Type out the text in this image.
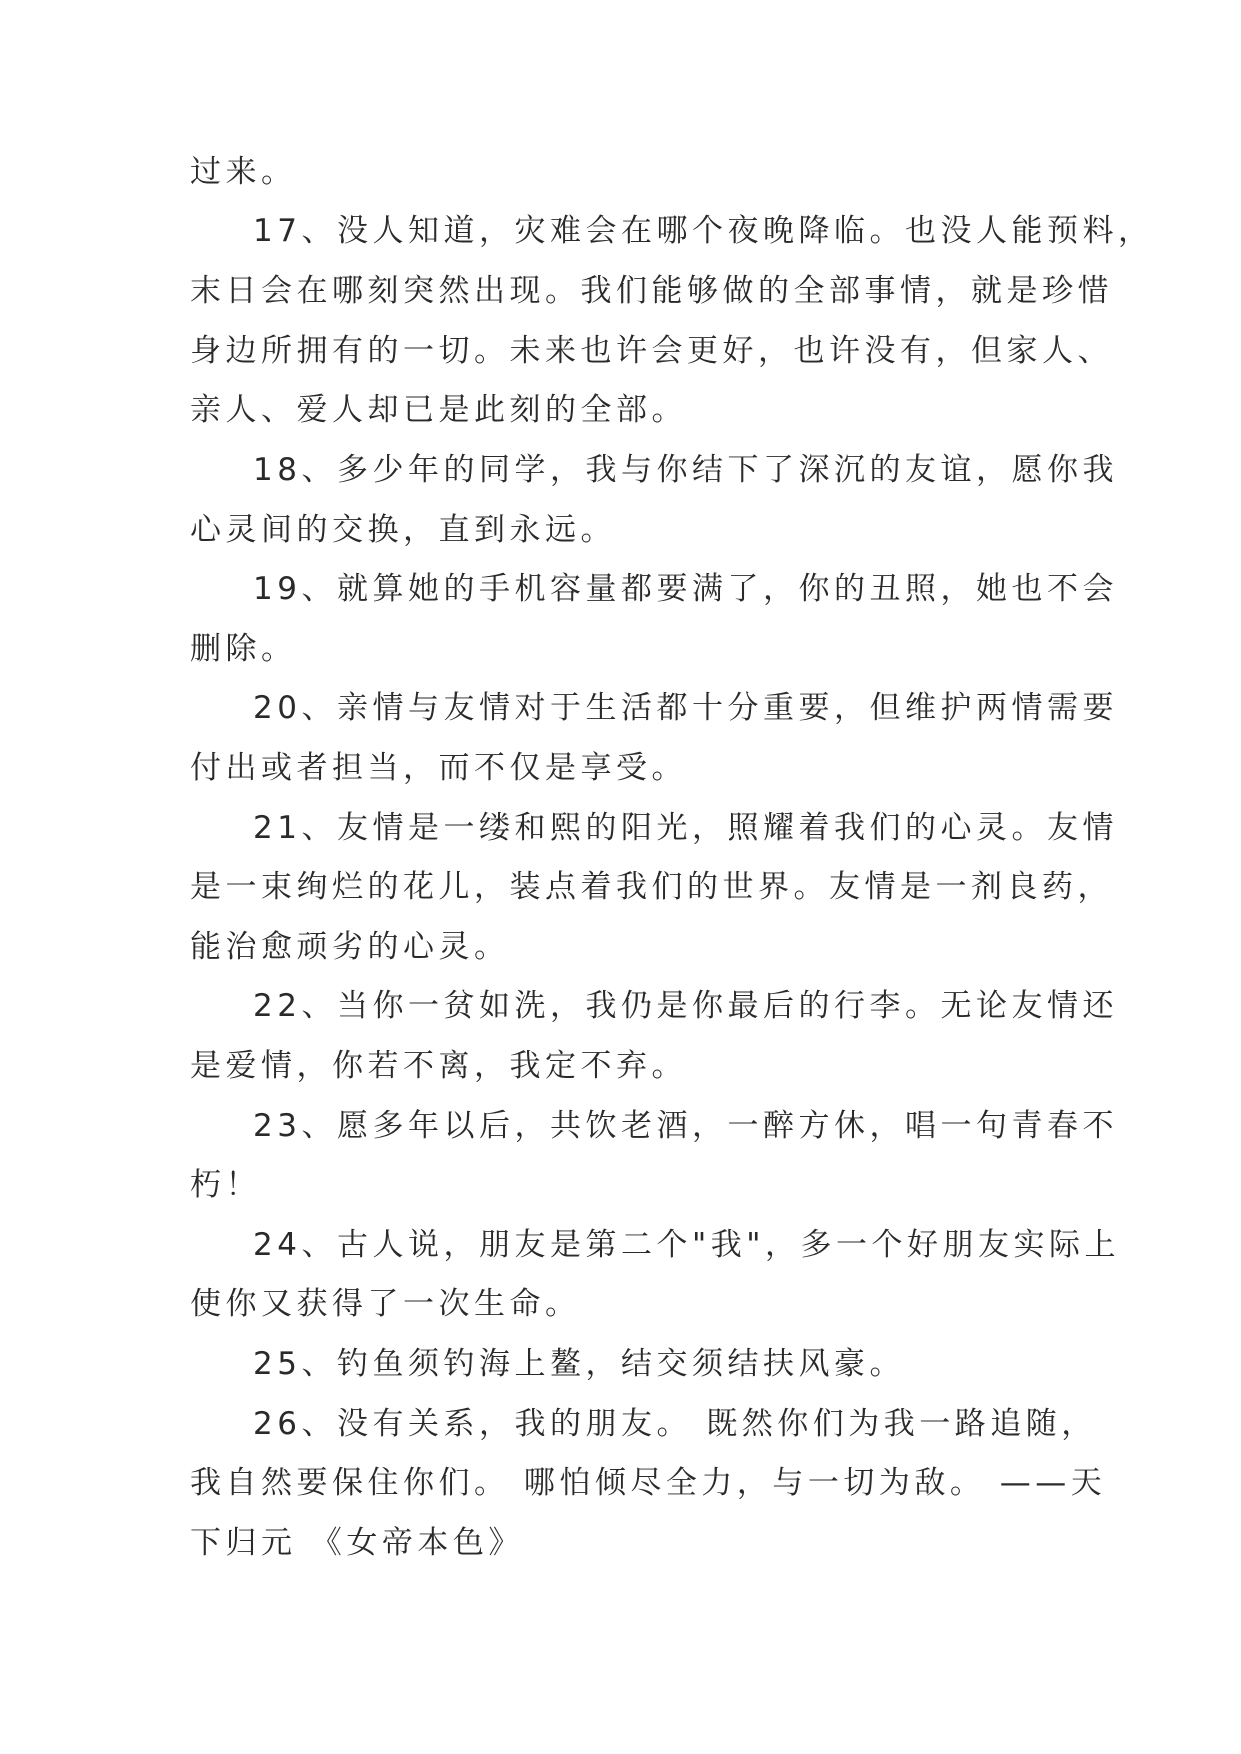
过来。
17、没人知道，灾难会在哪个夜晚降临。也没人能预料，
末日会在哪刻突然出现。我们能够做的全部事情，就是珍惜
身边所拥有的一切。未来也许会更好，也许没有，但家人、
亲人、爱人却已是此刻的全部。
18、多少年的同学，我与你结下了深沉的友谊，愿你我
心灵间的交换，直到永远。
19、就算她的手机容量都要满了，你的丑照，她也不会
删除。
20、亲情与友情对于生活都十分重要，但维护两情需要
付出或者担当，而不仅是享受。
21、友情是一缕和熙的阳光，照耀着我们的心灵。友情
是一束绚烂的花儿，装点着我们的世界。友情是一剂良药，
能治愈顽劣的心灵。
22、当你一贫如洗，我仍是你最后的行李。无论友情还
是爱情，你若不离，我定不弃。
23、愿多年以后，共饮老酒，一醉方休，唱一句青春不
朽！
24、古人说，朋友是第二个"我"，多一个好朋友实际上
使你又获得了一次生命。
25、钓鱼须钓海上鳌，结交须结扶风豪。
26、没有关系，我的朋友。 既然你们为我一路追随，
我自然要保住你们。 哪怕倾尽全力，与一切为敌。 ——天
下归元 《女帝本色》
